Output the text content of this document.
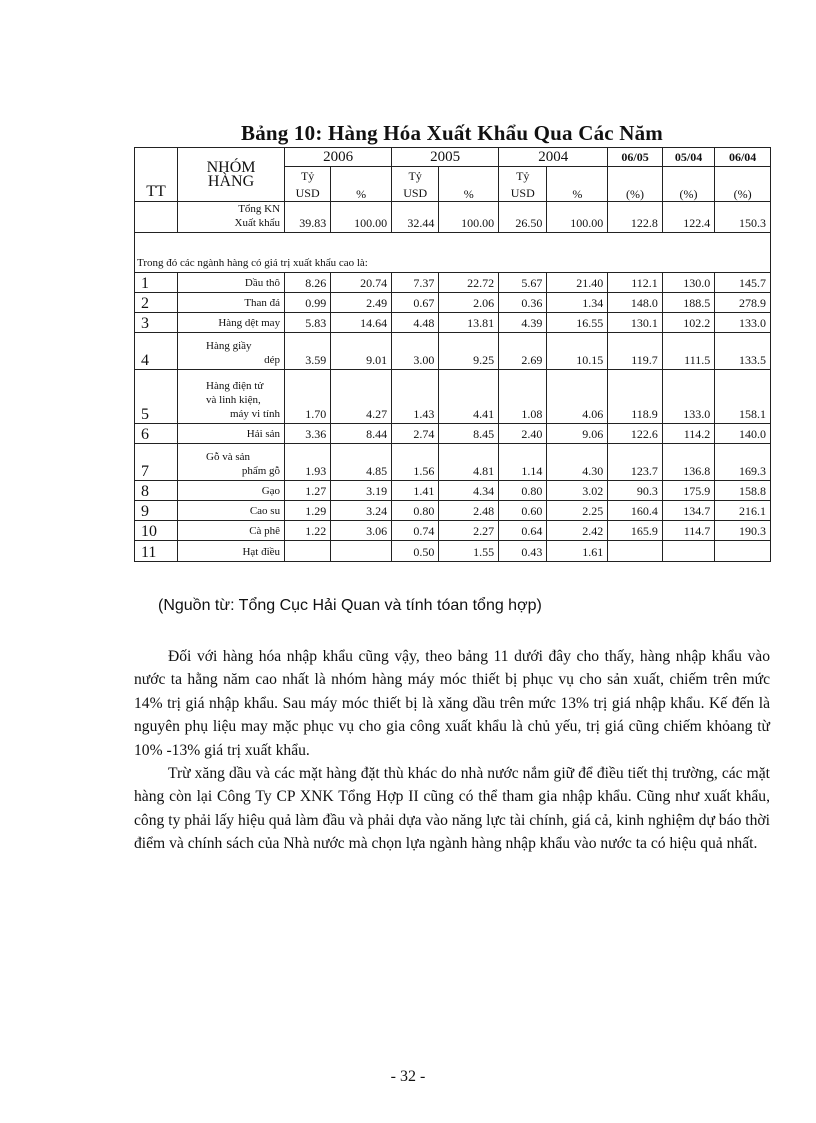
Bảng 10: Hàng Hóa Xuất Khẩu Qua Các Năm
TT	NHÓM
HÀNG	2006		2005		2004		06/05	05/04	06/04
		Tỷ	%	Tỷ	%	Tỷ	%	(%)	(%)	(%)
		USD		USD		USD				

	Tổng KN
Xuất khẩu	39.83	100.00	32.44	100.00	26.50	100.00	122.8	122.4	150.3
Trong đó các ngành hàng có giá trị xuất khẩu cao là:										
1	Dầu thô	8.26	20.74	7.37	22.72	5.67	21.40	112.1	130.0	145.7
2	Than đá	0.99	2.49	0.67	2.06	0.36	1.34	148.0	188.5	278.9
3	Hàng dệt may	5.83	14.64	4.48	13.81	4.39	16.55	130.1	102.2	133.0
4	Hàng giầy
dép	3.59	9.01	3.00	9.25	2.69	10.15	119.7	111.5	133.5
5	Hàng điện tử
và linh kiện,
máy vi tính	1.70	4.27	1.43	4.41	1.08	4.06	118.9	133.0	158.1
6	Hải sản	3.36	8.44	2.74	8.45	2.40	9.06	122.6	114.2	140.0
7	Gỗ và sản
phẩm gỗ	1.93	4.85	1.56	4.81	1.14	4.30	123.7	136.8	169.3
8	Gạo	1.27	3.19	1.41	4.34	0.80	3.02	90.3	175.9	158.8
9	Cao su	1.29	3.24	0.80	2.48	0.60	2.25	160.4	134.7	216.1
10	Cà phê	1.22	3.06	0.74	2.27	0.64	2.42	165.9	114.7	190.3
11	Hạt điều			0.50	1.55	0.43	1.61			
(Nguồn từ: Tổng Cục Hải Quan và tính tóan tổng hợp)

Đối với hàng hóa nhập khẩu cũng vậy, theo bảng 11 dưới đây cho thấy, hàng nhập khẩu vào nước ta hằng năm cao nhất là nhóm hàng máy móc thiết bị phục vụ cho sản xuất, chiếm trên mức 14% trị giá nhập khẩu. Sau máy móc thiết bị là xăng dầu trên mức 13% trị giá nhập khẩu. Kế đến là nguyên phụ liệu may mặc phục vụ cho gia công xuất khẩu là chủ yếu, trị giá cũng chiếm khỏang từ 10% -13% giá trị xuất khẩu.

Trừ xăng dầu và các mặt hàng đặt thù khác do nhà nước nắm giữ để điều tiết thị trường, các mặt hàng còn lại Công Ty CP XNK Tổng Hợp II cũng có thể tham gia nhập khẩu. Cũng như xuất khẩu, công ty phải lấy hiệu quả làm đầu và phải dựa vào năng lực tài chính, giá cả, kinh nghiệm dự báo thời điểm và chính sách của Nhà nước mà chọn lựa ngành hàng nhập khẩu vào nước ta có hiệu quả nhất.

- 32 -
